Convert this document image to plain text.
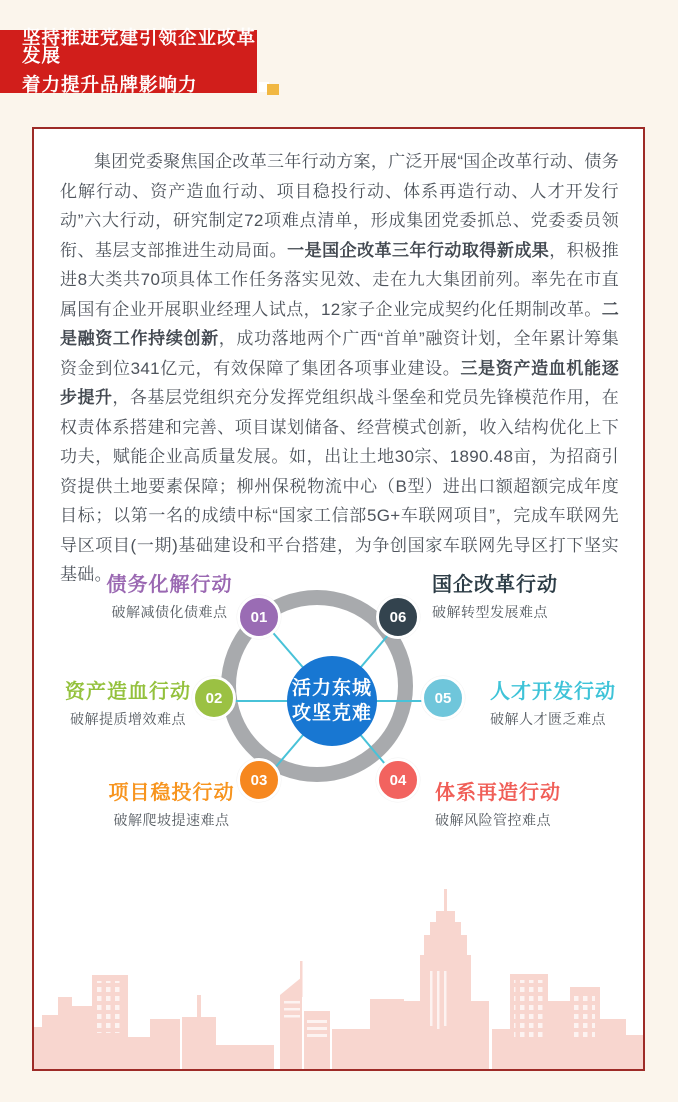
坚持推进党建引领企业改革发展
着力提升品牌影响力

集团党委聚焦国企改革三年行动方案，广泛开展“国企改革行动、债务化解行动、资产造血行动、项目稳投行动、体系再造行动、人才开发行动”六大行动，研究制定72项难点清单，形成集团党委抓总、党委委员领衔、基层支部推进生动局面。一是国企改革三年行动取得新成果，积极推进8大类共70项具体工作任务落实见效、走在九大集团前列。率先在市直属国有企业开展职业经理人试点，12家子企业完成契约化任期制改革。二是融资工作持续创新，成功落地两个广西“首单”融资计划，全年累计筹集资金到位341亿元，有效保障了集团各项事业建设。三是资产造血机能逐步提升，各基层党组织充分发挥党组织战斗堡垒和党员先锋模范作用，在权责体系搭建和完善、项目谋划储备、经营模式创新，收入结构优化上下功夫，赋能企业高质量发展。如，出让土地30宗、1890.48亩，为招商引资提供土地要素保障；柳州保税物流中心（B型）进出口额超额完成年度目标；以第一名的成绩中标“国家工信部5G+车联网项目”，完成车联网先导区项目(一期)基础建设和平台搭建，为争创国家车联网先导区打下坚实基础。

活力东城
攻坚克难
01
债务化解行动
破解减债化债难点
02
资产造血行动
破解提质增效难点
03
项目稳投行动
破解爬坡提速难点
04
体系再造行动
破解风险管控难点
05	人才开发行动
破解人才匮乏难点
06
国企改革行动
破解转型发展难点
